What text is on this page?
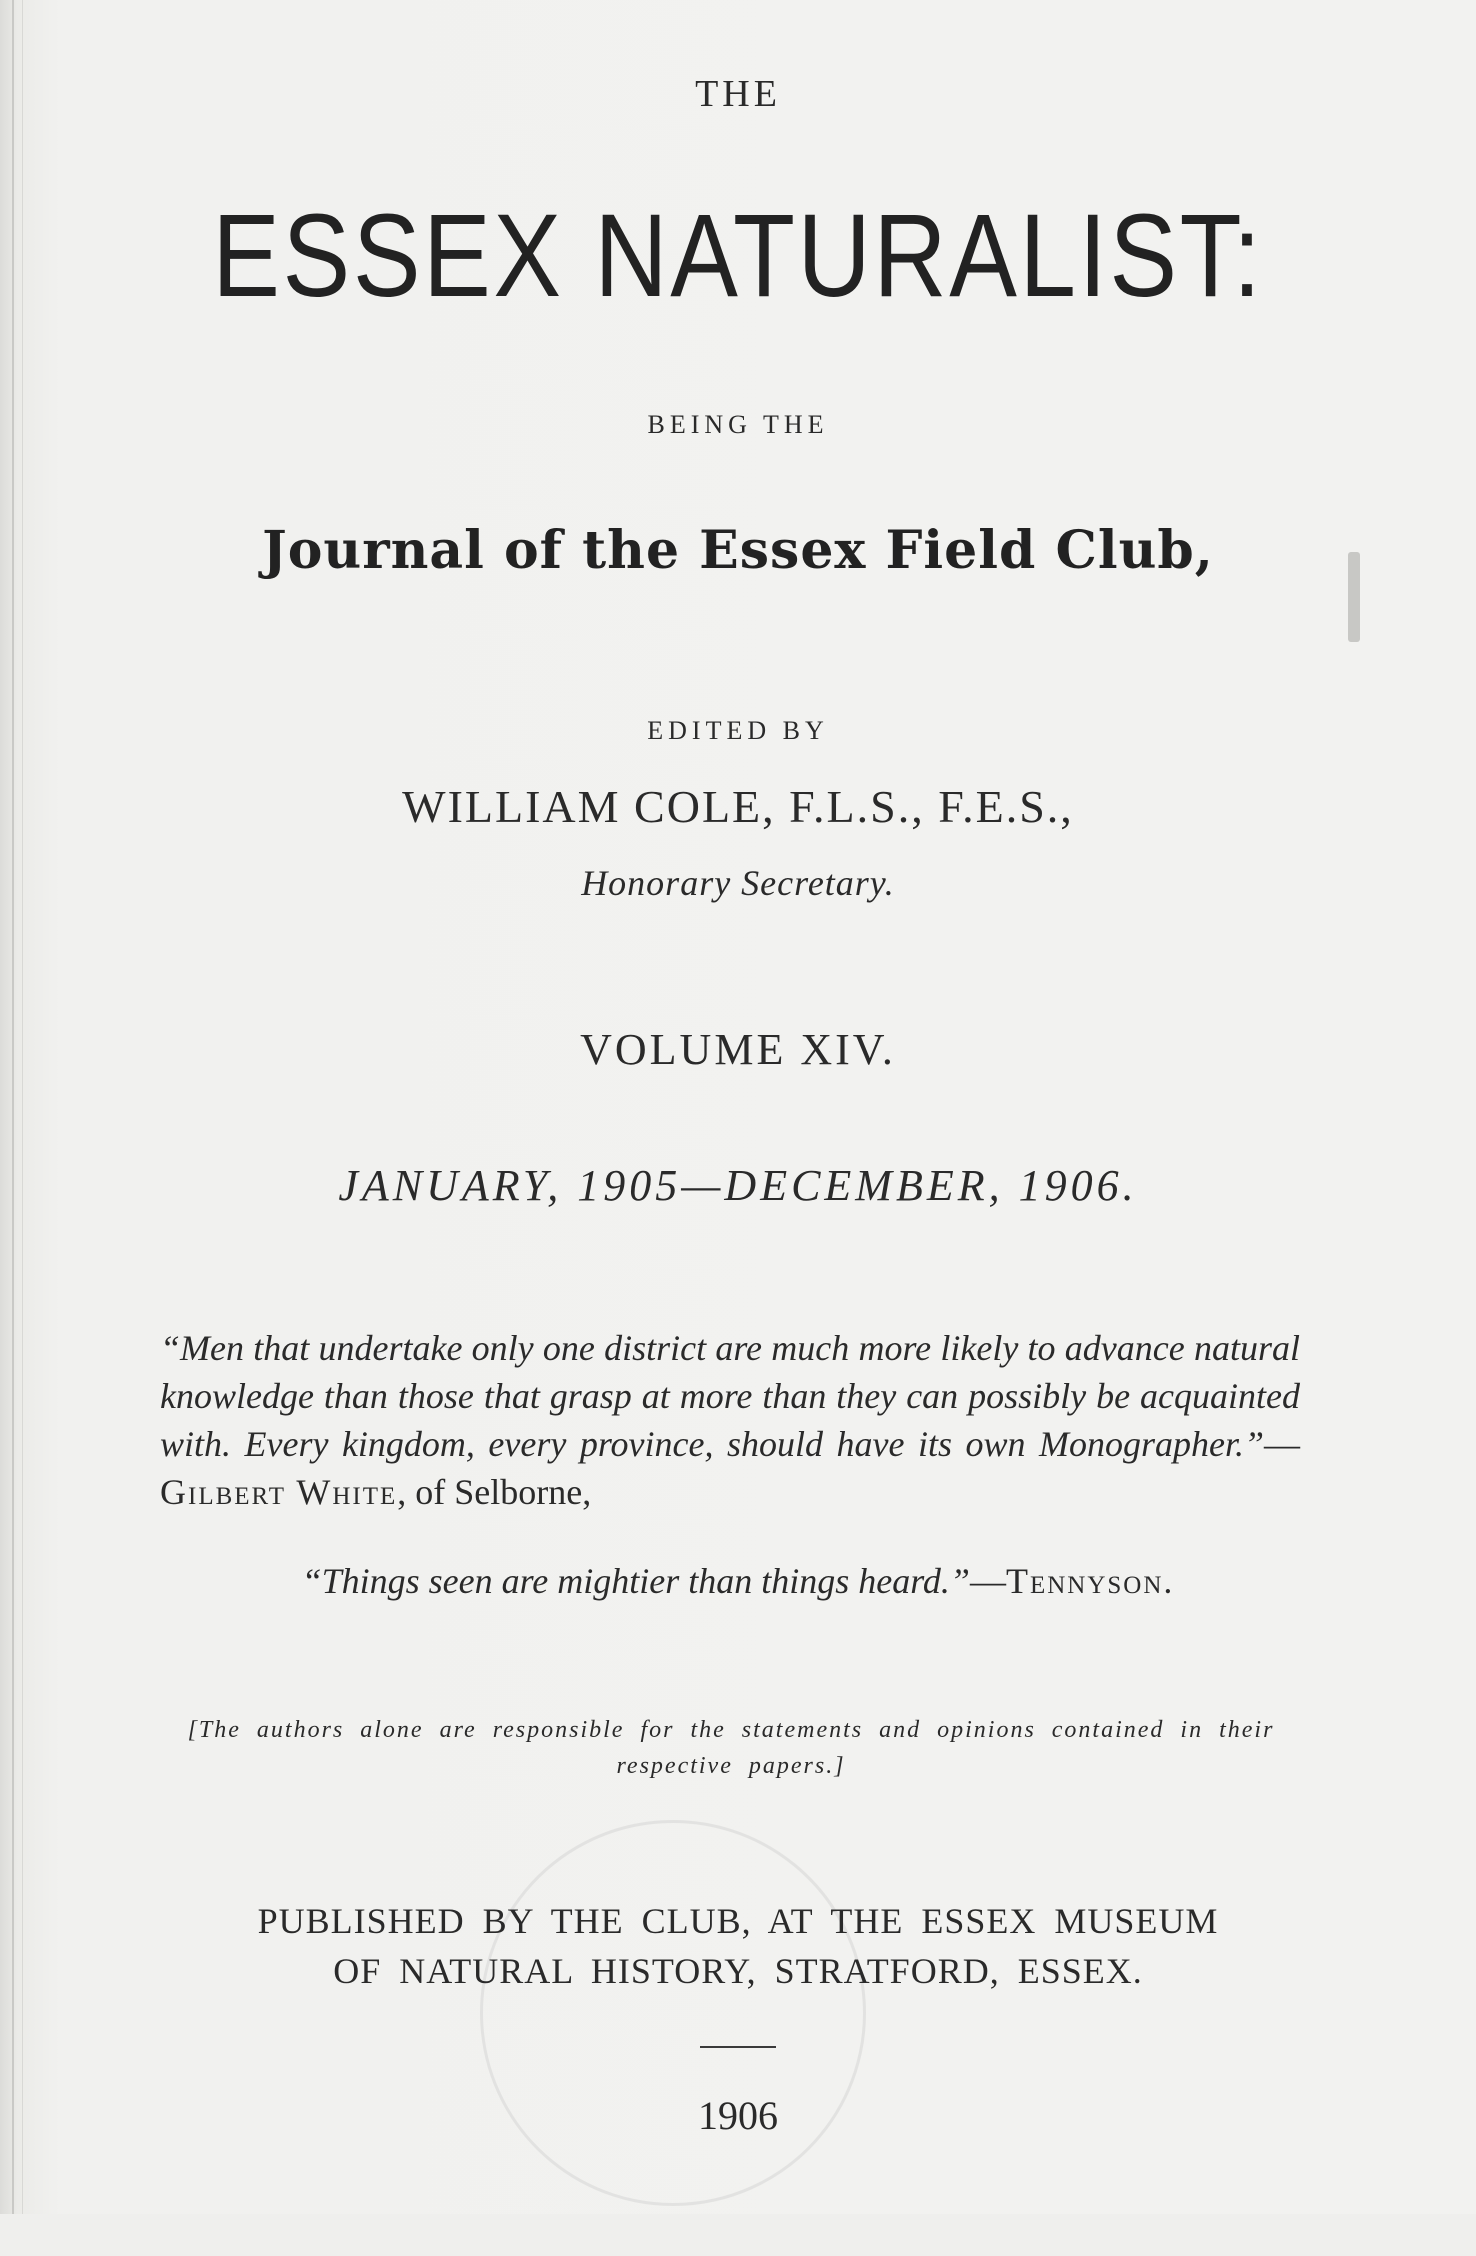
THE
ESSEX NATURALIST:
BEING THE
Journal of the Essex Field Club,
EDITED BY
WILLIAM COLE, F.L.S., F.E.S.,
Honorary Secretary.
VOLUME XIV.
JANUARY, 1905—DECEMBER, 1906.
“Men that undertake only one district are much more likely to advance natural knowledge than those that grasp at more than they can possibly be acquainted with. Every kingdom, every province, should have its own Monographer.”—Gilbert White, of Selborne,
“Things seen are mightier than things heard.”—Tennyson.
[The authors alone are responsible for the statements and opinions contained in their respective papers.]
PUBLISHED BY THE CLUB, AT THE ESSEX MUSEUM
OF NATURAL HISTORY, STRATFORD, ESSEX.
1906
